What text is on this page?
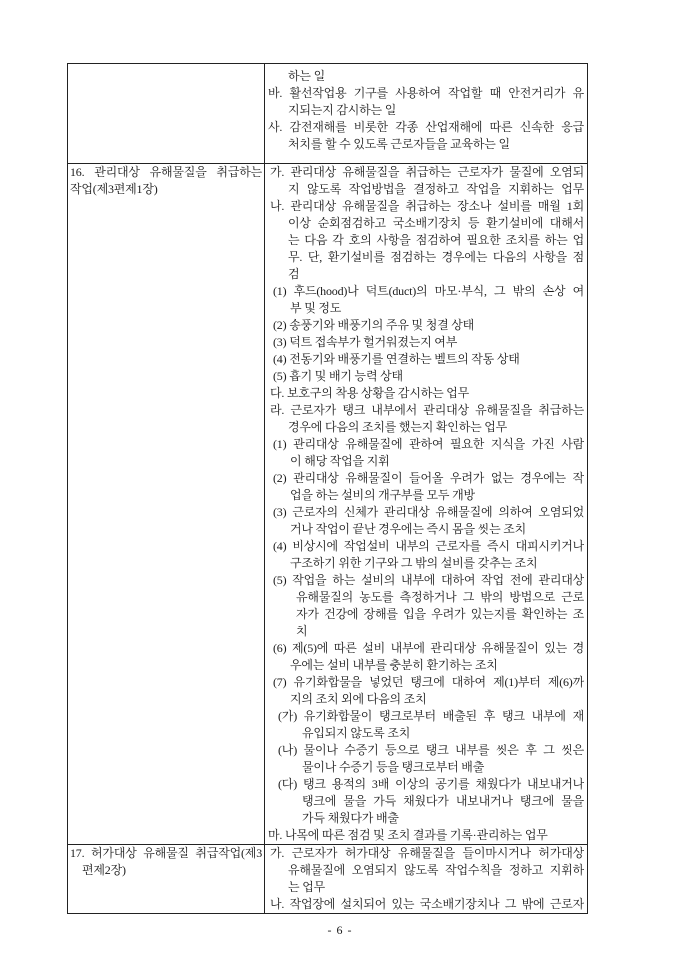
하는 일
바. 활선작업용 기구를 사용하여 작업할 때 안전거리가 유
지되는지 감시하는 일
사. 감전재해를 비롯한 각종 산업재해에 따른 신속한 응급
처치를 할 수 있도록 근로자들을 교육하는 일
16. 관리대상 유해물질을 취급하는
작업(제3편제1장)
가. 관리대상 유해물질을 취급하는 근로자가 물질에 오염되
지 않도록 작업방법을 결정하고 작업을 지휘하는 업무
나. 관리대상 유해물질을 취급하는 장소나 설비를 매월 1회
이상 순회점검하고 국소배기장치 등 환기설비에 대해서
는 다음 각 호의 사항을 점검하여 필요한 조치를 하는 업
무. 단, 환기설비를 점검하는 경우에는 다음의 사항을 점
검
(1) 후드(hood)나 덕트(duct)의 마모·부식, 그 밖의 손상 여
부 및 정도
(2) 송풍기와 배풍기의 주유 및 청결 상태
(3) 덕트 접속부가 헐거워졌는지 여부
(4) 전동기와 배풍기를 연결하는 벨트의 작동 상태
(5) 흡기 및 배기 능력 상태
다. 보호구의 착용 상황을 감시하는 업무
라. 근로자가 탱크 내부에서 관리대상 유해물질을 취급하는
경우에 다음의 조치를 했는지 확인하는 업무
(1) 관리대상 유해물질에 관하여 필요한 지식을 가진 사람
이 해당 작업을 지휘
(2) 관리대상 유해물질이 들어올 우려가 없는 경우에는 작
업을 하는 설비의 개구부를 모두 개방
(3) 근로자의 신체가 관리대상 유해물질에 의하여 오염되었
거나 작업이 끝난 경우에는 즉시 몸을 씻는 조치
(4) 비상시에 작업설비 내부의 근로자를 즉시 대피시키거나
구조하기 위한 기구와 그 밖의 설비를 갖추는 조치
(5) 작업을 하는 설비의 내부에 대하여 작업 전에 관리대상
유해물질의 농도를 측정하거나 그 밖의 방법으로 근로
자가 건강에 장해를 입을 우려가 있는지를 확인하는 조
치
(6) 제(5)에 따른 설비 내부에 관리대상 유해물질이 있는 경
우에는 설비 내부를 충분히 환기하는 조치
(7) 유기화합물을 넣었던 탱크에 대하여 제(1)부터 제(6)까
지의 조치 외에 다음의 조치
(가) 유기화합물이 탱크로부터 배출된 후 탱크 내부에 재
유입되지 않도록 조치
(나) 물이나 수증기 등으로 탱크 내부를 씻은 후 그 씻은
물이나 수증기 등을 탱크로부터 배출
(다) 탱크 용적의 3배 이상의 공기를 채웠다가 내보내거나
탱크에 물을 가득 채웠다가 내보내거나 탱크에 물을
가득 채웠다가 배출
마. 나목에 따른 점검 및 조치 결과를 기록·관리하는 업무
17. 허가대상 유해물질 취급작업(제3
편제2장)
가. 근로자가 허가대상 유해물질을 들이마시거나 허가대상
유해물질에 오염되지 않도록 작업수칙을 정하고 지휘하
는 업무
나. 작업장에 설치되어 있는 국소배기장치나 그 밖에 근로자
- 6 -
